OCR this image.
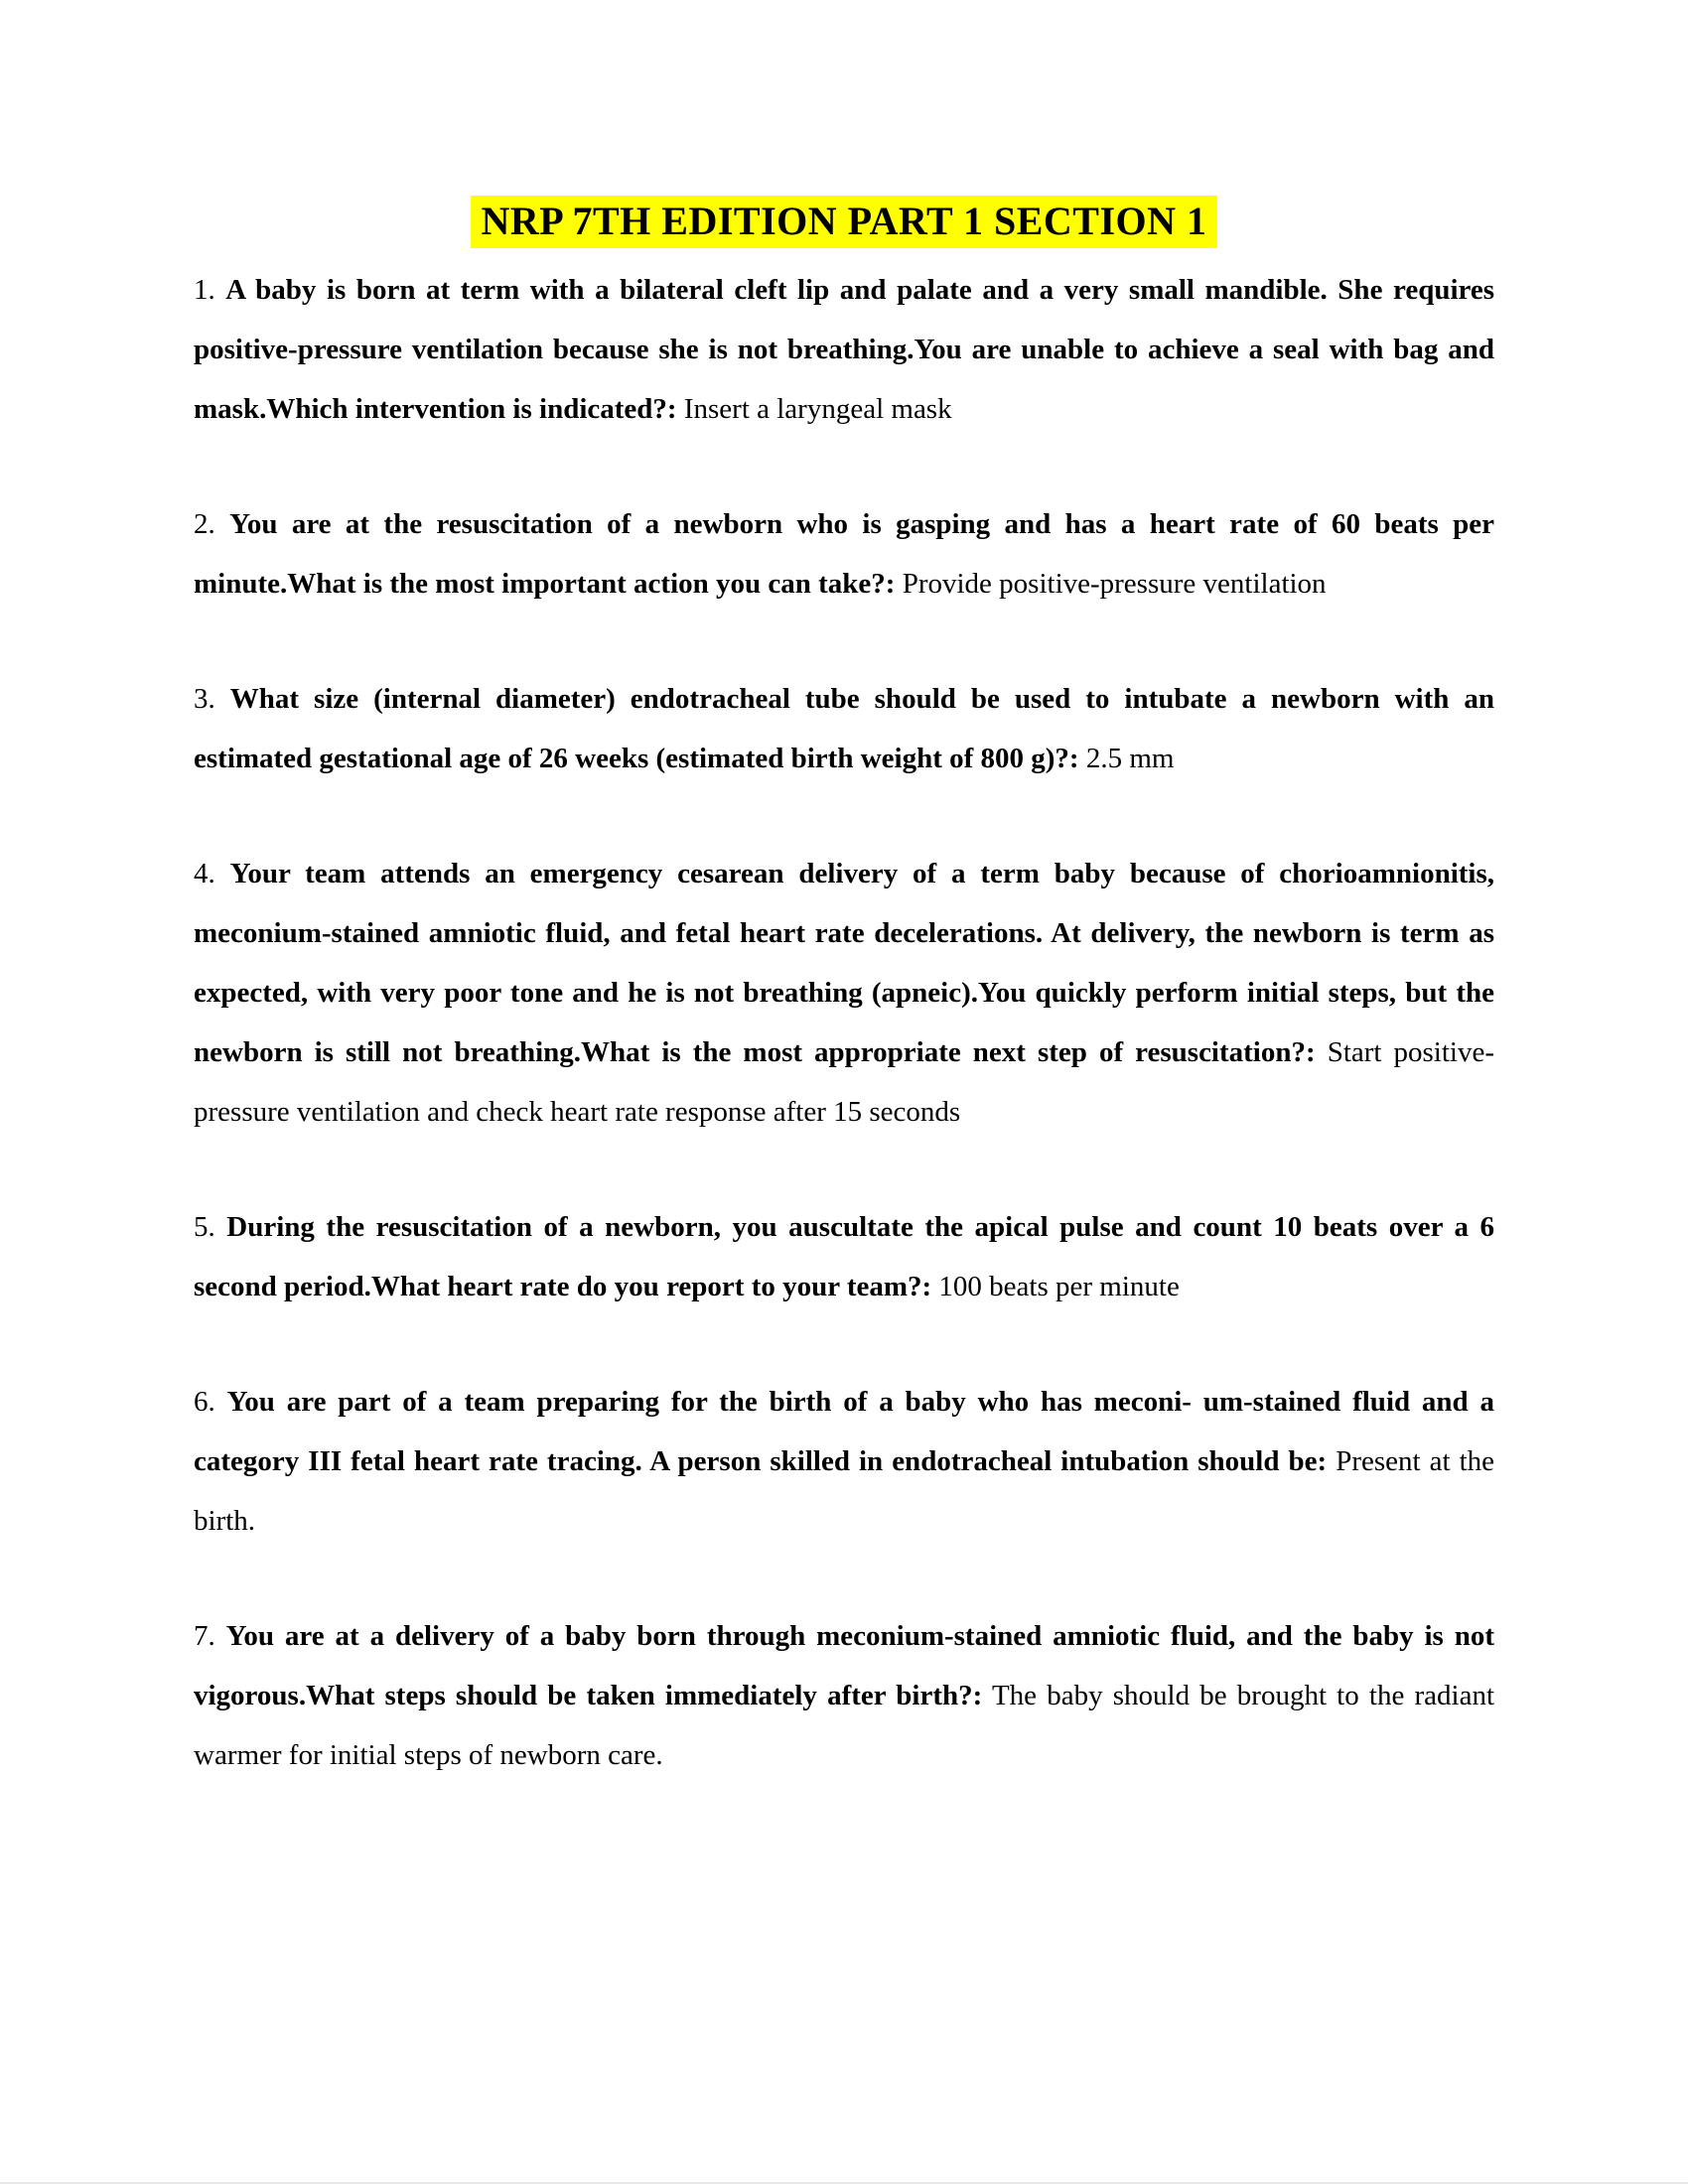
NRP 7TH EDITION PART 1 SECTION 1

1. A baby is born at term with a bilateral cleft lip and palate and a very small mandible. She requires positive-pressure ventilation because she is not breathing.You are unable to achieve a seal with bag and mask.Which intervention is indicated?: Insert a laryngeal mask

2. You are at the resuscitation of a newborn who is gasping and has a heart rate of 60 beats per minute.What is the most important action you can take?: Provide positive-pressure ventilation

3. What size (internal diameter) endotracheal tube should be used to intubate a newborn with an estimated gestational age of 26 weeks (estimated birth weight of 800 g)?: 2.5 mm

4. Your team attends an emergency cesarean delivery of a term baby because of chorioamnionitis, meconium-stained amniotic fluid, and fetal heart rate decelerations. At delivery, the newborn is term as expected, with very poor tone and he is not breathing (apneic).You quickly perform initial steps, but the newborn is still not breathing.What is the most appropriate next step of resuscitation?: Start positive-pressure ventilation and check heart rate response after 15 seconds

5. During the resuscitation of a newborn, you auscultate the apical pulse and count 10 beats over a 6 second period.What heart rate do you report to your team?: 100 beats per minute

6. You are part of a team preparing for the birth of a baby who has meconi- um-stained fluid and a category III fetal heart rate tracing. A person skilled in endotracheal intubation should be: Present at the birth.

7. You are at a delivery of a baby born through meconium-stained amniotic fluid, and the baby is not vigorous.What steps should be taken immediately after birth?: The baby should be brought to the radiant warmer for initial steps of newborn care.
